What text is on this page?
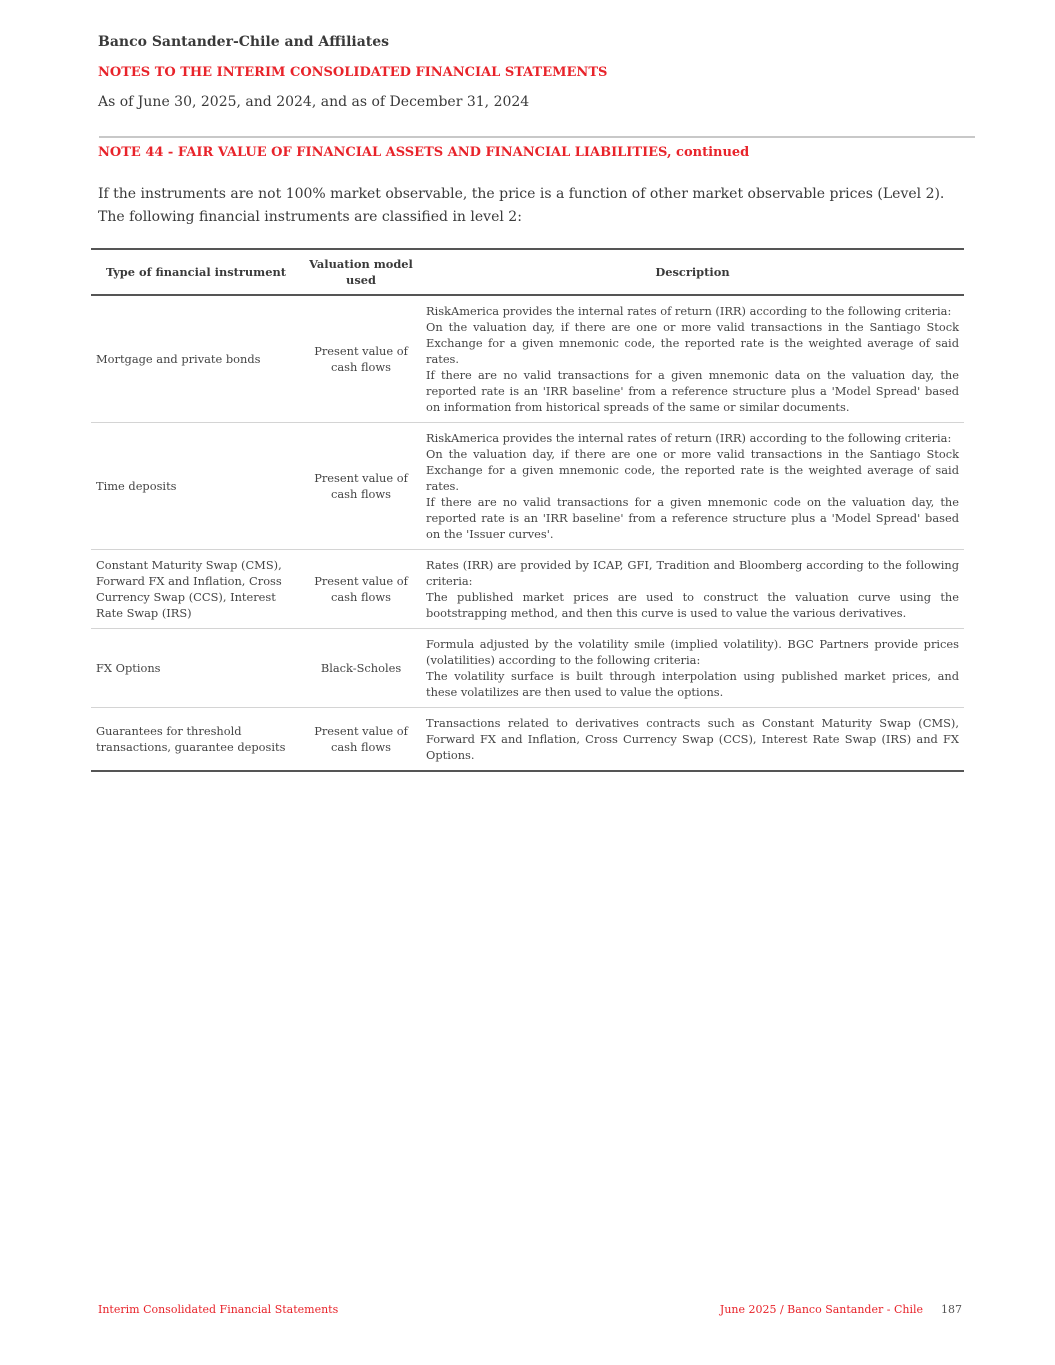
Banco Santander-Chile and Affiliates
NOTES TO THE INTERIM CONSOLIDATED FINANCIAL STATEMENTS
As of June 30, 2025, and 2024, and as of December 31, 2024
NOTE 44 - FAIR VALUE OF FINANCIAL ASSETS AND FINANCIAL LIABILITIES, continued
If the instruments are not 100% market observable, the price is a function of other market observable prices (Level 2). The following financial instruments are classified in level 2:
Type of financial instrument	Valuation model used	Description
Mortgage and private bonds	Present value of cash flows	RiskAmerica provides the internal rates of return (IRR) according to the following criteria:
On the valuation day, if there are one or more valid transactions in the Santiago Stock Exchange for a given mnemonic code, the reported rate is the weighted average of said rates.
If there are no valid transactions for a given mnemonic data on the valuation day, the reported rate is an 'IRR baseline' from a reference structure plus a 'Model Spread' based on information from historical spreads of the same or similar documents.

Time deposits	Present value of cash flows	RiskAmerica provides the internal rates of return (IRR) according to the following criteria:
On the valuation day, if there are one or more valid transactions in the Santiago Stock Exchange for a given mnemonic code, the reported rate is the weighted average of said rates.
If there are no valid transactions for a given mnemonic code on the valuation day, the reported rate is an 'IRR baseline' from a reference structure plus a 'Model Spread' based on the 'Issuer curves'.

Constant Maturity Swap (CMS), Forward FX and Inflation, Cross Currency Swap (CCS), Interest Rate Swap (IRS)	Present value of cash flows	Rates (IRR) are provided by ICAP, GFI, Tradition and Bloomberg according to the following criteria:
The published market prices are used to construct the valuation curve using the bootstrapping method, and then this curve is used to value the various derivatives.

FX Options	Black-Scholes	Formula adjusted by the volatility smile (implied volatility). BGC Partners provide prices (volatilities) according to the following criteria:
The volatility surface is built through interpolation using published market prices, and these volatilizes are then used to value the options.

Guarantees for threshold transactions, guarantee deposits	Present value of cash flows	Transactions related to derivatives contracts such as Constant Maturity Swap (CMS), Forward FX and Inflation, Cross Currency Swap (CCS), Interest Rate Swap (IRS) and FX Options.
Interim Consolidated Financial Statements	June 2025 / Banco Santander - Chile 187
